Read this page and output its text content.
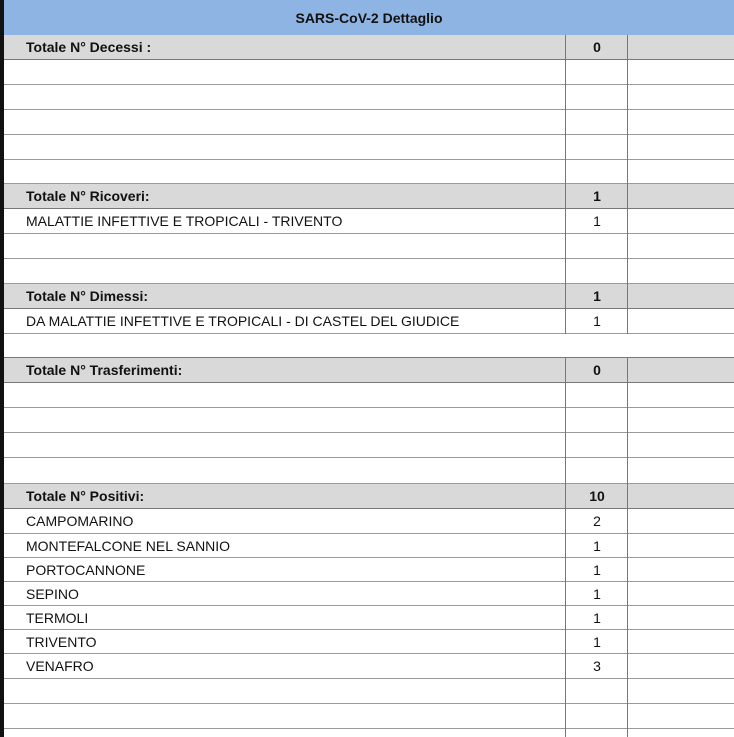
SARS-CoV-2 Dettaglio
Totale N° Decessi :	0
Totale N° Ricoveri:	1
MALATTIE INFETTIVE E TROPICALI - TRIVENTO	1
Totale N° Dimessi:	1
DA MALATTIE INFETTIVE E TROPICALI - DI CASTEL DEL GIUDICE	1
Totale N° Trasferimenti:	0
Totale N° Positivi:	10
CAMPOMARINO	2
MONTEFALCONE NEL SANNIO	1
PORTOCANNONE	1
SEPINO	1
TERMOLI	1
TRIVENTO	1
VENAFRO	3
